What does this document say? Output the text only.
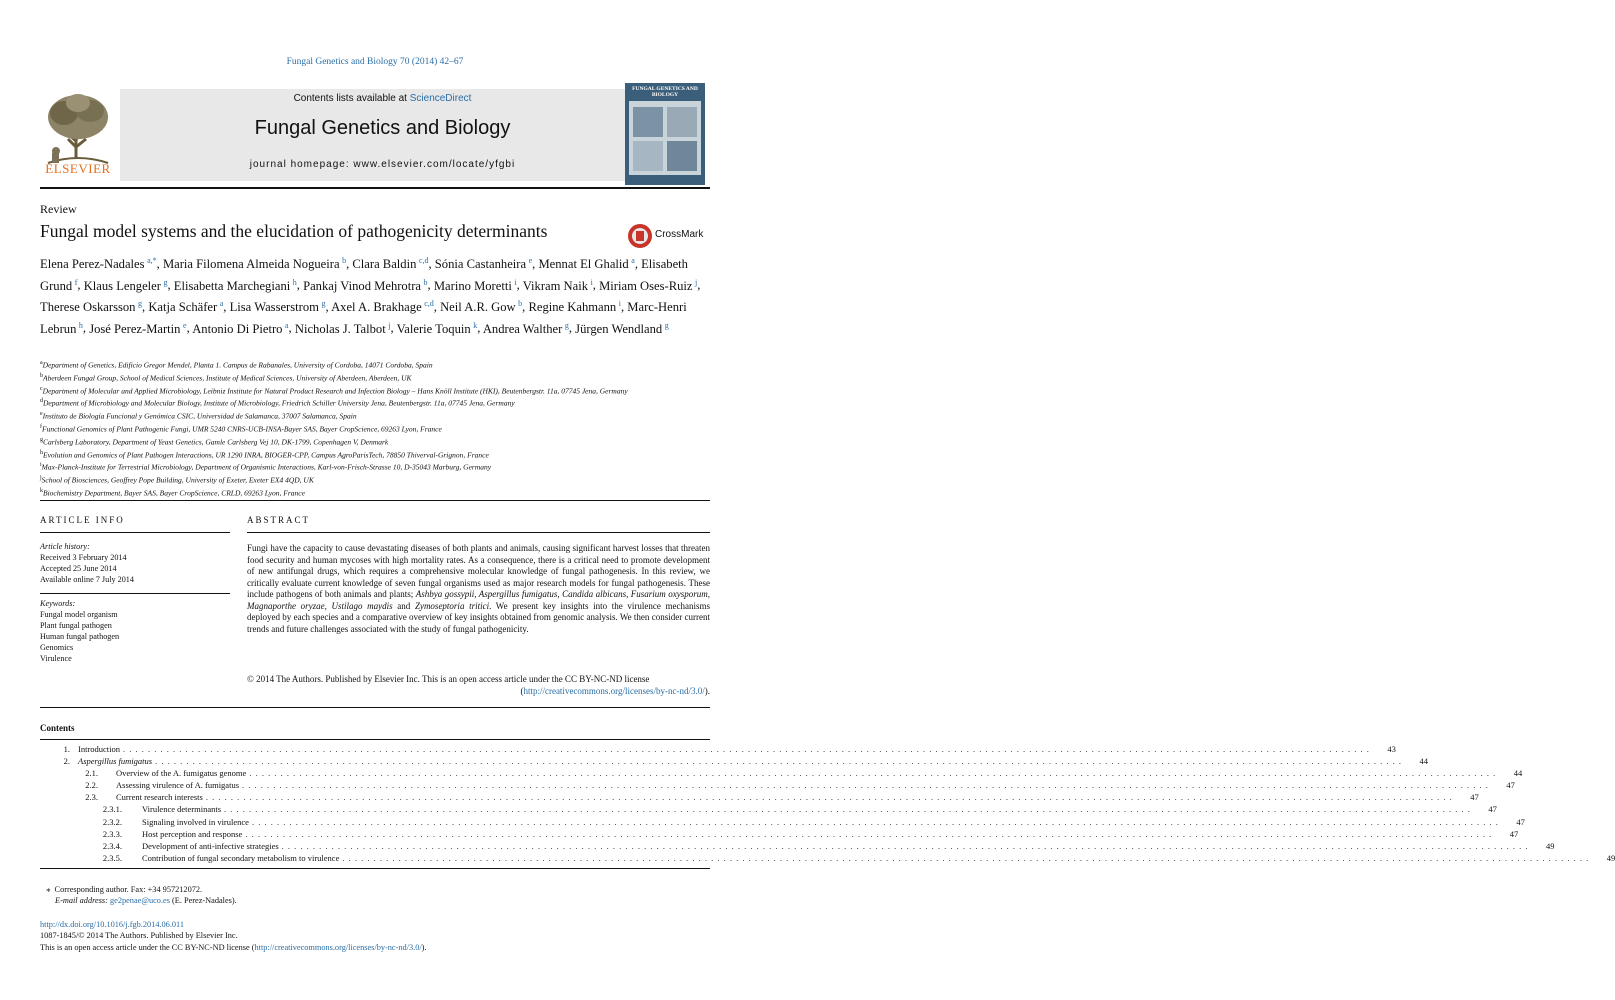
Fungal Genetics and Biology 70 (2014) 42–67
ELSEVIER
Contents lists available at ScienceDirect
Fungal Genetics and Biology
journal homepage: www.elsevier.com/locate/yfgbi
FUNGAL GENETICS AND BIOLOGY
Review
Fungal model systems and the elucidation of pathogenicity determinants	CrossMark
Elena Perez-Nadales  $^{a,*}$, Maria Filomena Almeida Nogueira  $^b$, Clara Baldin  $^{c,d}$, Sónia Castanheira  $^e$, Mennat El Ghalid  $^a$, Elisabeth Grund  $^f$, Klaus Lengeler  $^g$, Elisabetta Marchegiani  $^h$, Pankaj Vinod Mehrotra  $^b$, Marino Moretti  $^i$, Vikram Naik  $^i$, Miriam Oses-Ruiz  $^j$, Therese Oskarsson  $^g$, Katja Schäfer  $^a$, Lisa Wasserstrom  $^g$, Axel A. Brakhage  $^{c,d}$, Neil A.R. Gow  $^b$, Regine Kahmann  $^i$, Marc-Henri Lebrun  $^h$, José Perez-Martin  $^e$, Antonio Di Pietro  $^a$, Nicholas J. Talbot  $^j$, Valerie Toquin  $^k$, Andrea Walther  $^g$, Jürgen Wendland  $^g$
$^a$Department of Genetics, Edificio Gregor Mendel, Planta 1. Campus de Rabanales, University of Cordoba, 14071 Cordoba, Spain
$^b$Aberdeen Fungal Group, School of Medical Sciences, Institute of Medical Sciences, University of Aberdeen, Aberdeen, UK
$^c$Department of Molecular and Applied Microbiology, Leibniz Institute for Natural Product Research and Infection Biology – Hans Knöll Institute (HKI), Beutenbergstr. 11a, 07745 Jena, Germany
$^d$Department of Microbiology and Molecular Biology, Institute of Microbiology, Friedrich Schiller University Jena, Beutenbergstr. 11a, 07745 Jena, Germany
$^e$Instituto de Biología Funcional y Genómica CSIC, Universidad de Salamanca, 37007 Salamanca, Spain
$^f$Functional Genomics of Plant Pathogenic Fungi, UMR 5240 CNRS-UCB-INSA-Bayer SAS, Bayer CropScience, 69263 Lyon, France
$^g$Carlsberg Laboratory, Department of Yeast Genetics, Gamle Carlsberg Vej 10, DK-1799, Copenhagen V, Denmark
$^h$Evolution and Genomics of Plant Pathogen Interactions, UR 1290 INRA, BIOGER-CPP, Campus AgroParisTech, 78850 Thiverval-Grignon, France
$^i$Max-Planck-Institute for Terrestrial Microbiology, Department of Organismic Interactions, Karl-von-Frisch-Strasse 10, D-35043 Marburg, Germany
$^j$School of Biosciences, Geoffrey Pope Building, University of Exeter, Exeter EX4 4QD, UK
$^k$Biochemistry Department, Bayer SAS, Bayer CropScience, CRLD, 69263 Lyon, France
ARTICLE INFO	ABSTRACT
Article history:
Received 3 February 2014
Accepted 25 June 2014
Available online 7 July 2014
Keywords:
Fungal model organism
Plant fungal pathogen
Human fungal pathogen
Genomics
Virulence
Fungi have the capacity to cause devastating diseases of both plants and animals, causing significant harvest losses that threaten food security and human mycoses with high mortality rates. As a consequence, there is a critical need to promote development of new antifungal drugs, which requires a comprehensive molecular knowledge of fungal pathogenesis. In this review, we critically evaluate current knowledge of seven fungal organisms used as major research models for fungal pathogenesis. These include pathogens of both animals and plants; Ashbya gossypii, Aspergillus fumigatus, Candida albicans, Fusarium oxysporum, Magnaporthe oryzae, Ustilago maydis and Zymoseptoria tritici. We present key insights into the virulence mechanisms deployed by each species and a comparative overview of key insights obtained from genomic analysis. We then consider current trends and future challenges associated with the study of fungal pathogenicity.
© 2014 The Authors. Published by Elsevier Inc. This is an open access article under the CC BY-NC-ND license

(http://creativecommons.org/licenses/by-nc-nd/3.0/).
Contents
1. Introduction . . . . . . . . . . . . . . . . . . . . . . . . . . . . . . . . . . . . . . . . . . . . . . . . . . . . . . . . . . . . . . . . . . . . . . . . . . . . . . . . . . . . . . . . . . . . . . . . . . . . . . . . . . . . . . . . . . . . . . . . . . . . . . . . . . . . . . . . . . . . . . . . . . . . . . . . . . . . . . . . . . . . . . . . . . . . . . . . . . . . . . . . . . . . . . . . . . . . . . . .	43
2. Aspergillus fumigatus . . . . . . . . . . . . . . . . . . . . . . . . . . . . . . . . . . . . . . . . . . . . . . . . . . . . . . . . . . . . . . . . . . . . . . . . . . . . . . . . . . . . . . . . . . . . . . . . . . . . . . . . . . . . . . . . . . . . . . . . . . . . . . . . . . . . . . . . . . . . . . . . . . . . . . . . . . . . . . . . . . . . . . . . . . . . . . . . . . . . . . . . . . . . . . . . . . . . . . . .	44
2.1. Overview of the A. fumigatus genome . . . . . . . . . . . . . . . . . . . . . . . . . . . . . . . . . . . . . . . . . . . . . . . . . . . . . . . . . . . . . . . . . . . . . . . . . . . . . . . . . . . . . . . . . . . . . . . . . . . . . . . . . . . . . . . . . . . . . . . . . . . . . . . . . . . . . . . . . . . . . . . . . . . . . . . . . . . . . . . . . . . . . . . . . . . . . . . . . . . . . . . . . . . . . . . . . . . . . . . .	44
2.2. Assessing virulence of A. fumigatus . . . . . . . . . . . . . . . . . . . . . . . . . . . . . . . . . . . . . . . . . . . . . . . . . . . . . . . . . . . . . . . . . . . . . . . . . . . . . . . . . . . . . . . . . . . . . . . . . . . . . . . . . . . . . . . . . . . . . . . . . . . . . . . . . . . . . . . . . . . . . . . . . . . . . . . . . . . . . . . . . . . . . . . . . . . . . . . . . . . . . . . . . . . . . . . . . . . . . . . .	47
2.3. Current research interests . . . . . . . . . . . . . . . . . . . . . . . . . . . . . . . . . . . . . . . . . . . . . . . . . . . . . . . . . . . . . . . . . . . . . . . . . . . . . . . . . . . . . . . . . . . . . . . . . . . . . . . . . . . . . . . . . . . . . . . . . . . . . . . . . . . . . . . . . . . . . . . . . . . . . . . . . . . . . . . . . . . . . . . . . . . . . . . . . . . . . . . . . . . . . . . . . . . . . . . .	47
2.3.1. Virulence determinants . . . . . . . . . . . . . . . . . . . . . . . . . . . . . . . . . . . . . . . . . . . . . . . . . . . . . . . . . . . . . . . . . . . . . . . . . . . . . . . . . . . . . . . . . . . . . . . . . . . . . . . . . . . . . . . . . . . . . . . . . . . . . . . . . . . . . . . . . . . . . . . . . . . . . . . . . . . . . . . . . . . . . . . . . . . . . . . . . . . . . . . . . . . . . . . . . . . . . . . .	47
2.3.2. Signaling involved in virulence . . . . . . . . . . . . . . . . . . . . . . . . . . . . . . . . . . . . . . . . . . . . . . . . . . . . . . . . . . . . . . . . . . . . . . . . . . . . . . . . . . . . . . . . . . . . . . . . . . . . . . . . . . . . . . . . . . . . . . . . . . . . . . . . . . . . . . . . . . . . . . . . . . . . . . . . . . . . . . . . . . . . . . . . . . . . . . . . . . . . . . . . . . . . . . . . . . . . . . . .	47
2.3.3. Host perception and response . . . . . . . . . . . . . . . . . . . . . . . . . . . . . . . . . . . . . . . . . . . . . . . . . . . . . . . . . . . . . . . . . . . . . . . . . . . . . . . . . . . . . . . . . . . . . . . . . . . . . . . . . . . . . . . . . . . . . . . . . . . . . . . . . . . . . . . . . . . . . . . . . . . . . . . . . . . . . . . . . . . . . . . . . . . . . . . . . . . . . . . . . . . . . . . . . . . . . . . .	47
2.3.4. Development of anti-infective strategies . . . . . . . . . . . . . . . . . . . . . . . . . . . . . . . . . . . . . . . . . . . . . . . . . . . . . . . . . . . . . . . . . . . . . . . . . . . . . . . . . . . . . . . . . . . . . . . . . . . . . . . . . . . . . . . . . . . . . . . . . . . . . . . . . . . . . . . . . . . . . . . . . . . . . . . . . . . . . . . . . . . . . . . . . . . . . . . . . . . . . . . . . . . . . . . . . . . . . . . .	49
2.3.5. Contribution of fungal secondary metabolism to virulence . . . . . . . . . . . . . . . . . . . . . . . . . . . . . . . . . . . . . . . . . . . . . . . . . . . . . . . . . . . . . . . . . . . . . . . . . . . . . . . . . . . . . . . . . . . . . . . . . . . . . . . . . . . . . . . . . . . . . . . . . . . . . . . . . . . . . . . . . . . . . . . . . . . . . . . . . . . . . . . . . . . . . . . . . . . . . . . . . . . . . . . . . . . . . . . . . . . . . . . .	49
⁎  Corresponding author. Fax: +34 957212072.
E-mail address: ge2penae@uco.es (E. Perez-Nadales).
http://dx.doi.org/10.1016/j.fgb.2014.06.011
1087-1845/© 2014 The Authors. Published by Elsevier Inc.
This is an open access article under the CC BY-NC-ND license (http://creativecommons.org/licenses/by-nc-nd/3.0/).
